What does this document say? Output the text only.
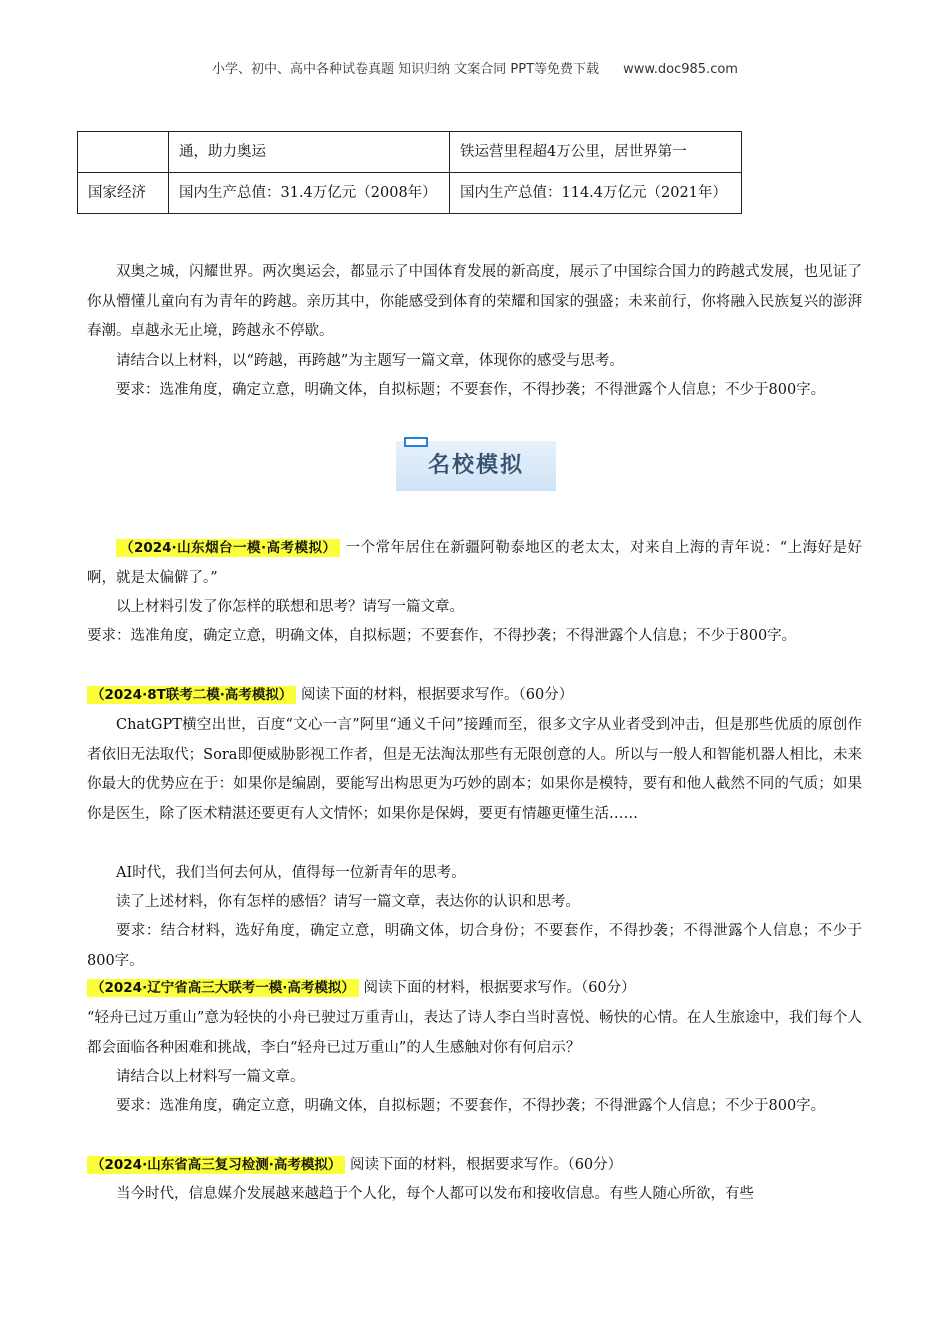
小学、初中、高中各种试卷真题 知识归纳 文案合同 PPT等免费下载 www.doc985.com
	通，助力奥运	铁运营里程超4万公里，居世界第一
国家经济	国内生产总值：31.4万亿元（2008年）	国内生产总值：114.4万亿元（2021年）

双奥之城，闪耀世界。两次奥运会，都显示了中国体育发展的新高度，展示了中国综合国力的跨越式发展，也见证了你从懵懂儿童向有为青年的跨越。亲历其中，你能感受到体育的荣耀和国家的强盛；未来前行，你将融入民族复兴的澎湃春潮。卓越永无止境，跨越永不停歇。

请结合以上材料，以“跨越，再跨越”为主题写一篇文章，体现你的感受与思考。

要求：选准角度，确定立意，明确文体，自拟标题；不要套作，不得抄袭；不得泄露个人信息；不少于800字。

名校模拟

（2024·山东烟台一模·高考模拟） 一个常年居住在新疆阿勒泰地区的老太太，对来自上海的青年说：“上海好是好啊，就是太偏僻了。”

以上材料引发了你怎样的联想和思考？请写一篇文章。

要求：选准角度，确定立意，明确文体，自拟标题；不要套作，不得抄袭；不得泄露个人信息；不少于800字。

（2024·8T联考二模·高考模拟） 阅读下面的材料，根据要求写作。（60分）

ChatGPT横空出世，百度“文心一言”阿里“通义千问”接踵而至，很多文字从业者受到冲击，但是那些优质的原创作者依旧无法取代；Sora即便威胁影视工作者，但是无法淘汰那些有无限创意的人。所以与一般人和智能机器人相比，未来你最大的优势应在于：如果你是编剧，要能写出构思更为巧妙的剧本；如果你是模特，要有和他人截然不同的气质；如果你是医生，除了医术精湛还要更有人文情怀；如果你是保姆，要更有情趣更懂生活……

AI时代，我们当何去何从，值得每一位新青年的思考。

读了上述材料，你有怎样的感悟？请写一篇文章，表达你的认识和思考。

要求：结合材料，选好角度，确定立意，明确文体，切合身份；不要套作，不得抄袭；不得泄露个人信息；不少于800字。

（2024·辽宁省高三大联考一模·高考模拟） 阅读下面的材料，根据要求写作。（60分）

“轻舟已过万重山”意为轻快的小舟已驶过万重青山，表达了诗人李白当时喜悦、畅快的心情。在人生旅途中，我们每个人都会面临各种困难和挑战，李白“轻舟已过万重山”的人生感触对你有何启示？

请结合以上材料写一篇文章。

要求：选准角度，确定立意，明确文体，自拟标题；不要套作，不得抄袭；不得泄露个人信息；不少于800字。

（2024·山东省高三复习检测·高考模拟） 阅读下面的材料，根据要求写作。（60分）

当今时代，信息媒介发展越来越趋于个人化，每个人都可以发布和接收信息。有些人随心所欲，有些
